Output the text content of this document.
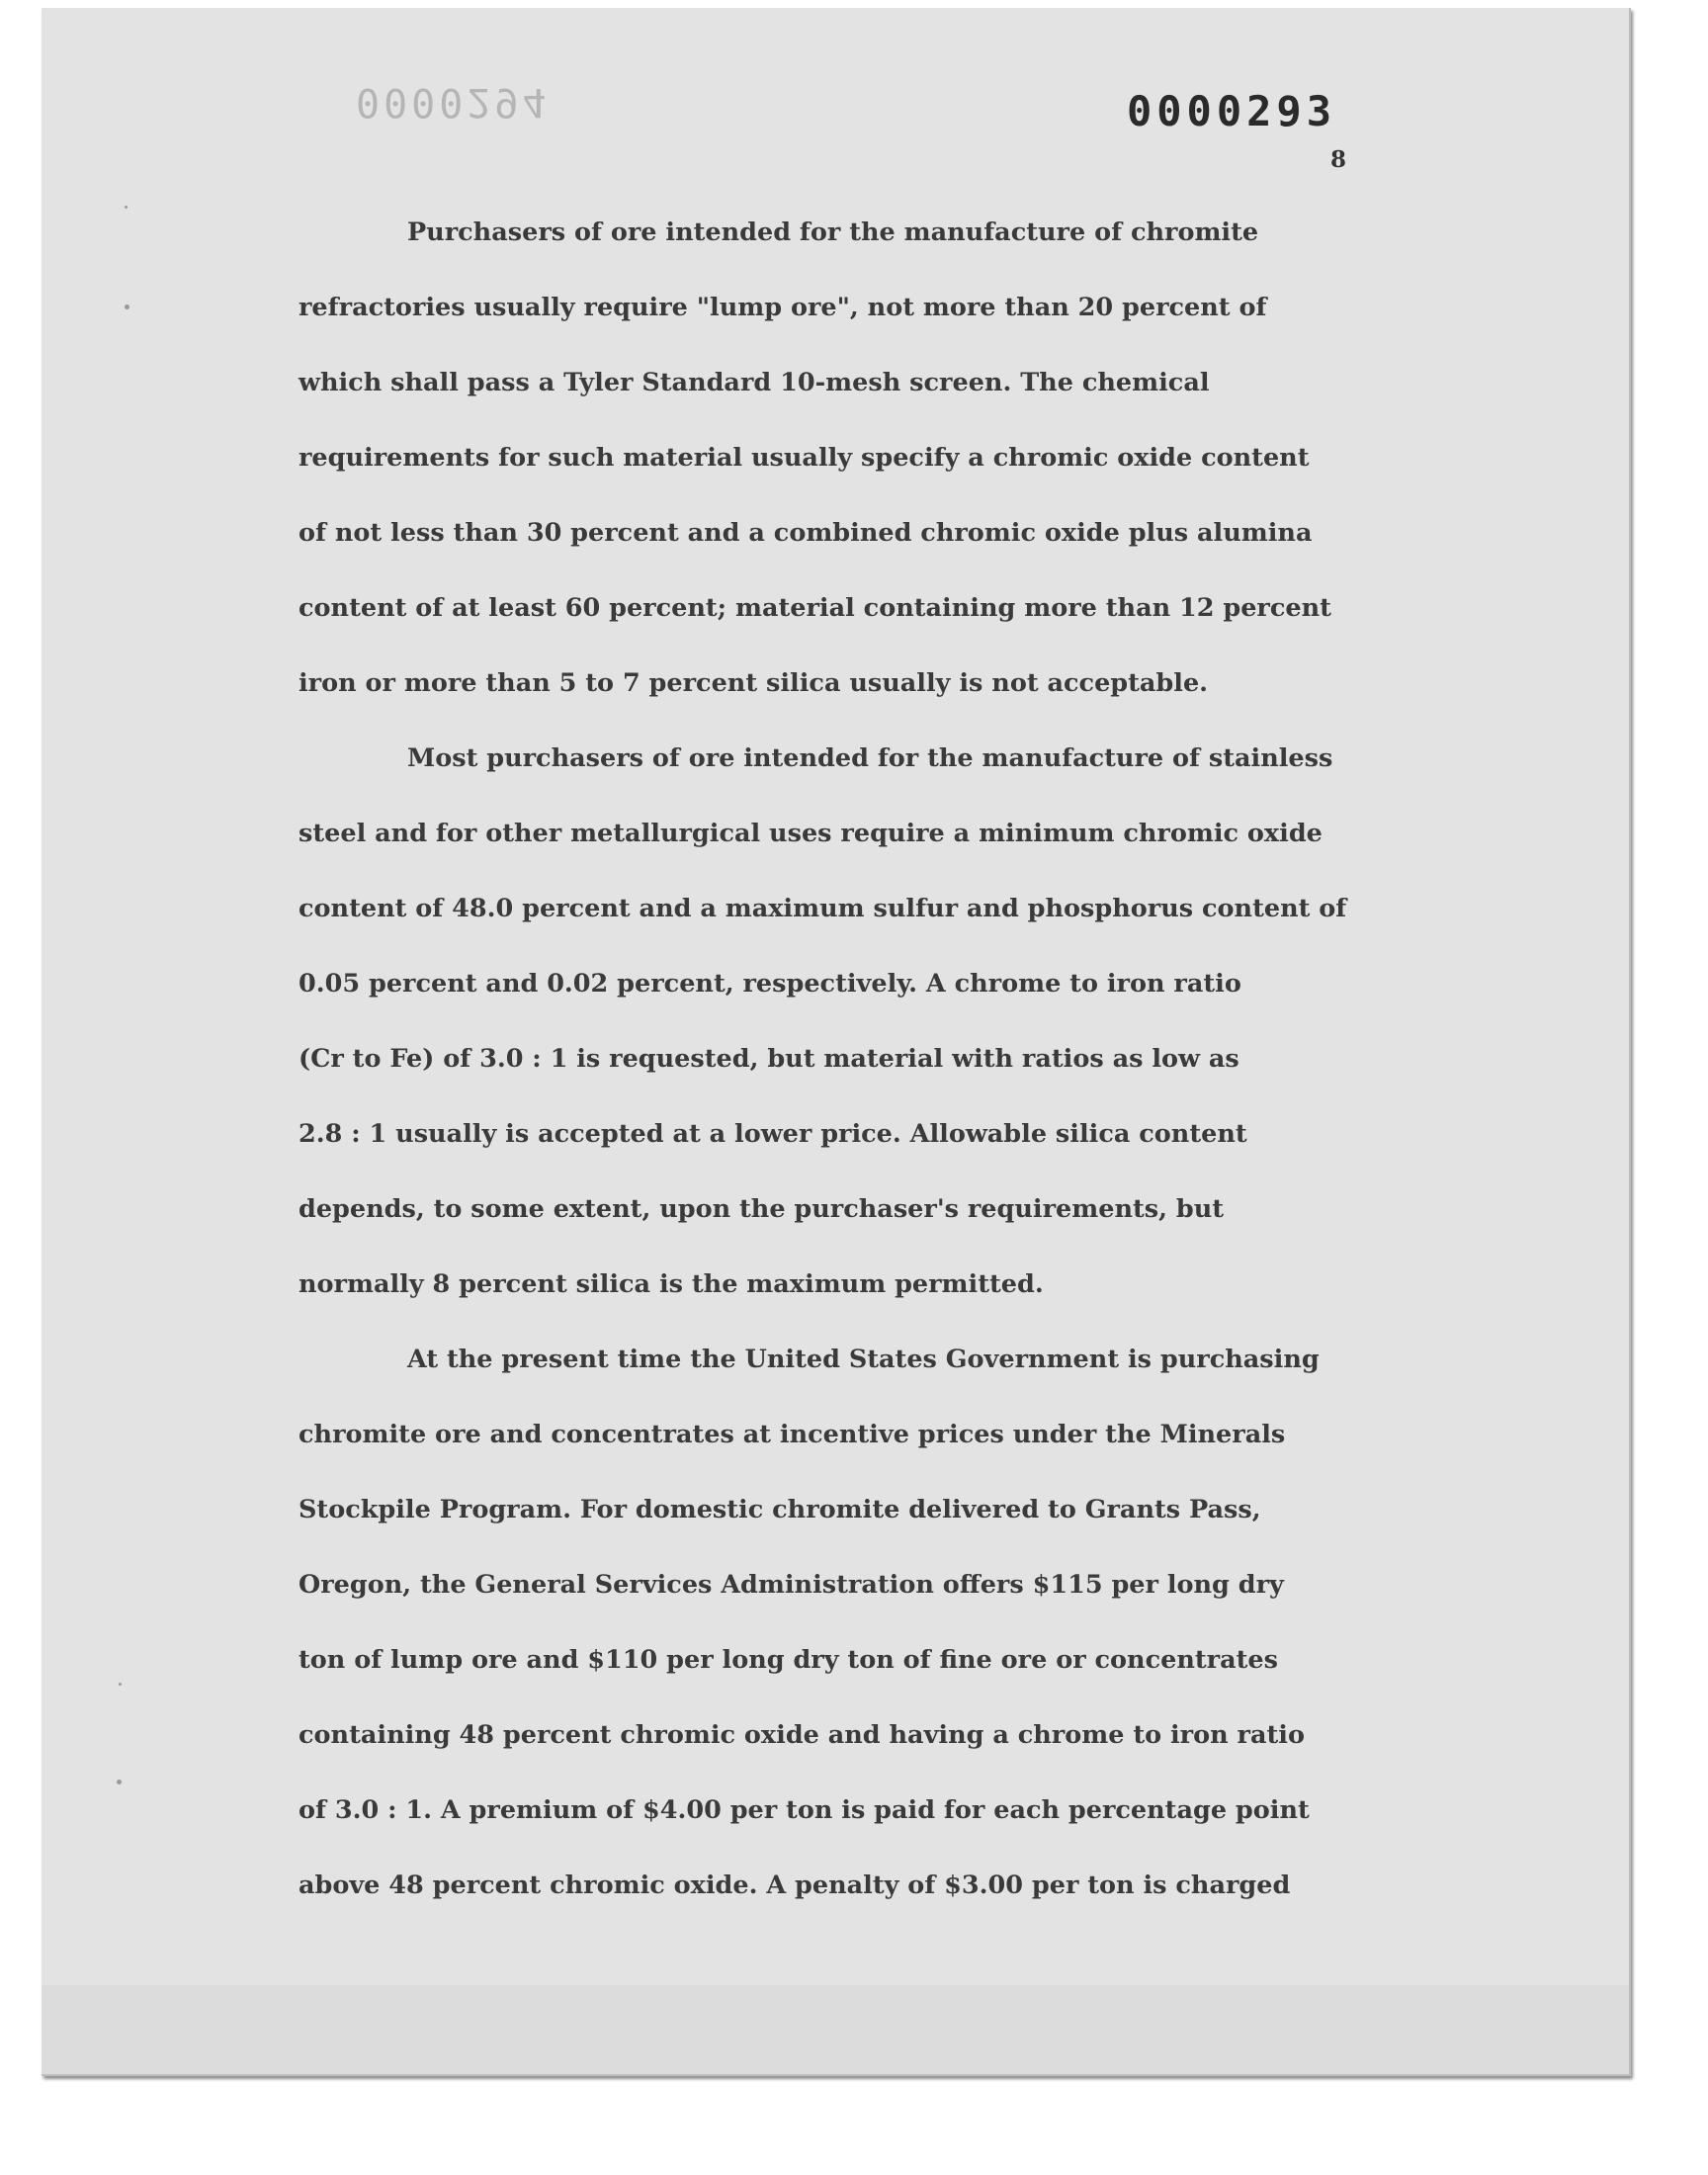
0000294	0000293
8
Purchasers of ore intended for the manufacture of chromite
refractories usually require "lump ore", not more than 20 percent of
which shall pass a Tyler Standard 10-mesh screen. The chemical
requirements for such material usually specify a chromic oxide content
of not less than 30 percent and a combined chromic oxide plus alumina
content of at least 60 percent; material containing more than 12 percent
iron or more than 5 to 7 percent silica usually is not acceptable.
Most purchasers of ore intended for the manufacture of stainless
steel and for other metallurgical uses require a minimum chromic oxide
content of 48.0 percent and a maximum sulfur and phosphorus content of
0.05 percent and 0.02 percent, respectively. A chrome to iron ratio
(Cr to Fe) of 3.0 : 1 is requested, but material with ratios as low as
2.8 : 1 usually is accepted at a lower price. Allowable silica content
depends, to some extent, upon the purchaser's requirements, but
normally 8 percent silica is the maximum permitted.
At the present time the United States Government is purchasing
chromite ore and concentrates at incentive prices under the Minerals
Stockpile Program. For domestic chromite delivered to Grants Pass,
Oregon, the General Services Administration offers $115 per long dry
ton of lump ore and $110 per long dry ton of fine ore or concentrates
containing 48 percent chromic oxide and having a chrome to iron ratio
of 3.0 : 1. A premium of $4.00 per ton is paid for each percentage point
above 48 percent chromic oxide. A penalty of $3.00 per ton is charged
